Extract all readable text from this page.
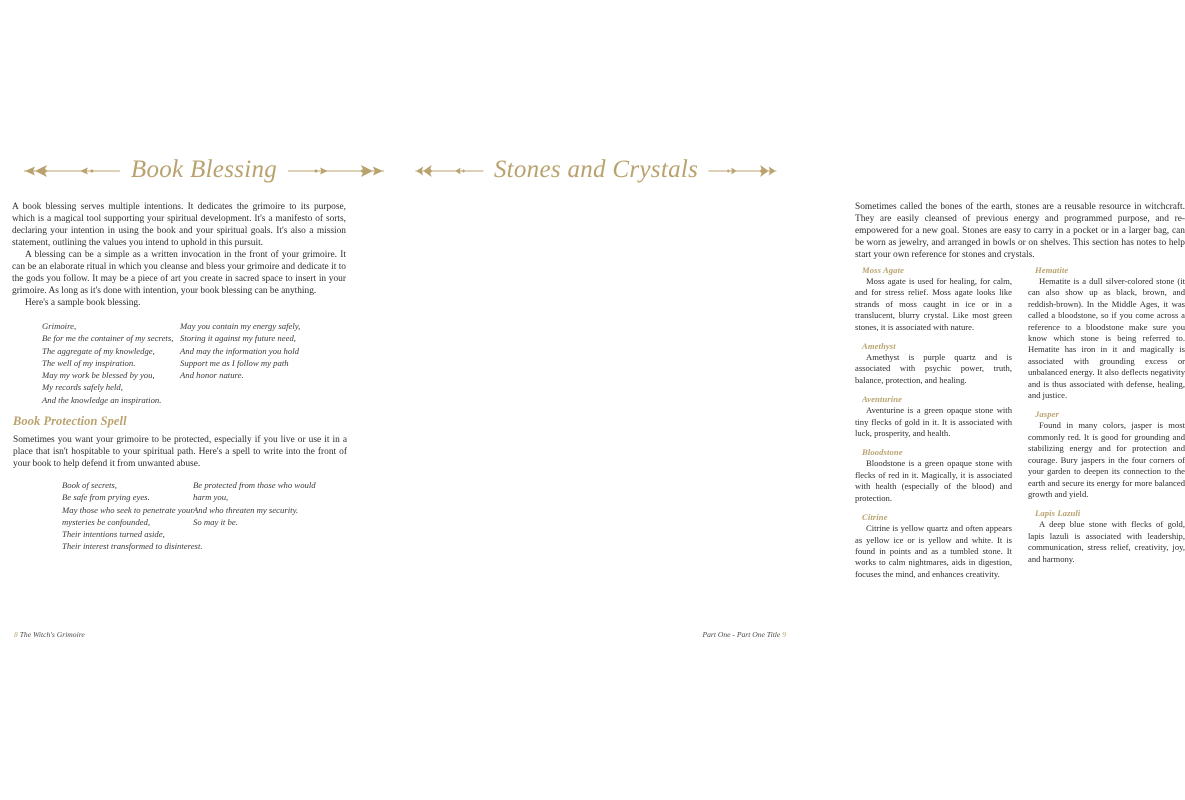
Book Blessing

A book blessing serves multiple intentions. It dedicates the grimoire to its purpose, which is a magical tool supporting your spiritual development. It's a manifesto of sorts, declaring your intention in using the book and your spiritual goals. It's also a mission statement, outlining the values you intend to uphold in this pursuit.

A blessing can be a simple as a written invocation in the front of your grimoire. It can be an elaborate ritual in which you cleanse and bless your grimoire and dedicate it to the gods you follow. It may be a piece of art you create in sacred space to insert in your grimoire. As long as it's done with intention, your book blessing can be anything.

Here's a sample book blessing.

Grimoire,

Be for me the container of my secrets,

The aggregate of my knowledge,

The well of my inspiration.

May my work be blessed by you,

My records safely held,

And the knowledge an inspiration.

May you contain my energy safely,

Storing it against my future need,

And may the information you hold

Support me as I follow my path

And honor nature.

Book Protection Spell

Sometimes you want your grimoire to be protected, especially if you live or use it in a place that isn't hospitable to your spiritual path. Here's a spell to write into the front of your book to help defend it from unwanted abuse.

Book of secrets,

Be safe from prying eyes.

May those who seek to penetrate your

mysteries be confounded,

Their intentions turned aside,

Their interest transformed to disinterest.

Be protected from those who would

harm you,

And who threaten my security.

So may it be.

8 The Witch's Grimoire
Stones and Crystals

Sometimes called the bones of the earth, stones are a reusable resource in witchcraft. They are easily cleansed of previous energy and programmed purpose, and re-empowered for a new goal. Stones are easy to carry in a pocket or in a larger bag, can be worn as jewelry, and arranged in bowls or on shelves. This section has notes to help start your own reference for stones and crystals.

Moss Agate

Moss agate is used for healing, for calm, and for stress relief. Moss agate looks like strands of moss caught in ice or in a translucent, blurry crystal. Like most green stones, it is associated with nature.

Amethyst

Amethyst is purple quartz and is associated with psychic power, truth, balance, protection, and healing.

Aventurine

Aventurine is a green opaque stone with tiny flecks of gold in it. It is associated with luck, prosperity, and health.

Bloodstone

Bloodstone is a green opaque stone with flecks of red in it. Magically, it is associated with health (especially of the blood) and protection.

Citrine

Citrine is yellow quartz and often appears as yellow ice or is yellow and white. It is found in points and as a tumbled stone. It works to calm nightmares, aids in digestion, focuses the mind, and enhances creativity.

Hematite

Hematite is a dull silver-colored stone (it can also show up as black, brown, and reddish-brown). In the Middle Ages, it was called a bloodstone, so if you come across a reference to a bloodstone make sure you know which stone is being referred to. Hematite has iron in it and magically is associated with grounding excess or unbalanced energy. It also deflects negativity and is thus associated with defense, healing, and justice.

Jasper

Found in many colors, jasper is most commonly red. It is good for grounding and stabilizing energy and for protection and courage. Bury jaspers in the four corners of your garden to deepen its connection to the earth and secure its energy for more balanced growth and yield.

Lapis Lazuli

A deep blue stone with flecks of gold, lapis lazuli is associated with leadership, communication, stress relief, creativity, joy, and harmony.

Part One - Part One Title 9
